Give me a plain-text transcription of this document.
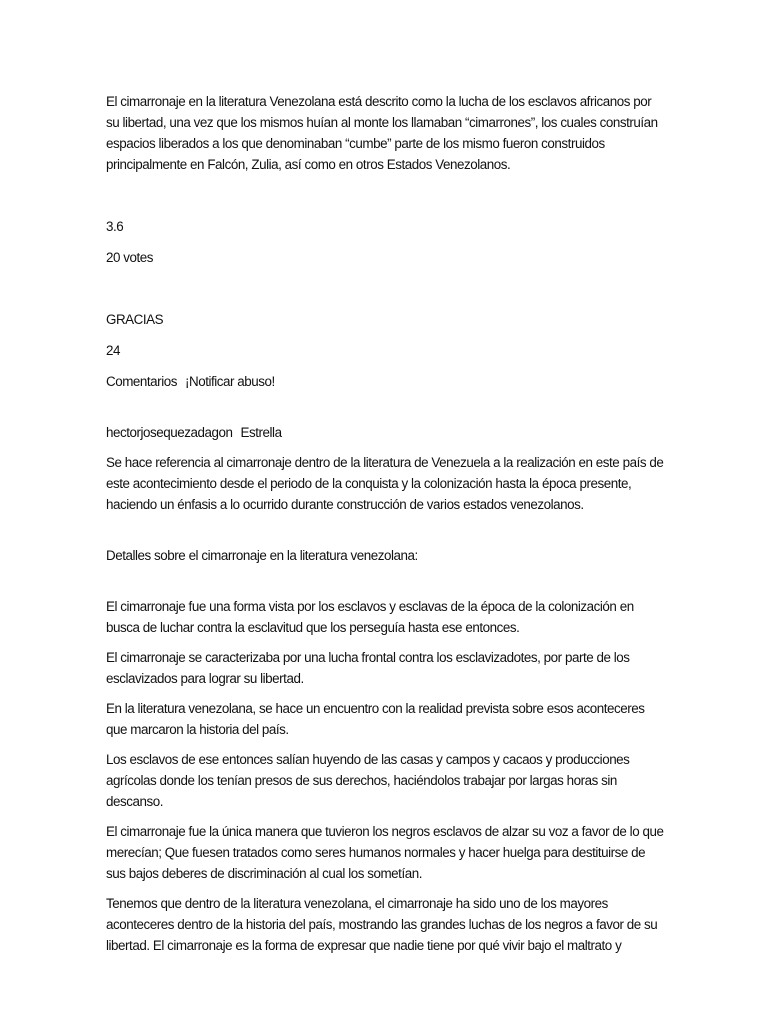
El cimarronaje en la literatura Venezolana está descrito como la lucha de los esclavos africanos por su libertad, una vez que los mismos huían al monte los llamaban “cimarrones”, los cuales construían espacios liberados a los que denominaban “cumbe” parte de los mismo fueron construidos principalmente en Falcón, Zulia, así como en otros Estados Venezolanos.

3.6

20 votes

GRACIAS

24

Comentarios ¡Notificar abuso!

hectorjosequezadagon Estrella

Se hace referencia al cimarronaje dentro de la literatura de Venezuela a la realización en este país de este acontecimiento desde el periodo de la conquista y la colonización hasta la época presente, haciendo un énfasis a lo ocurrido durante construcción de varios estados venezolanos.

Detalles sobre el cimarronaje en la literatura venezolana:

El cimarronaje fue una forma vista por los esclavos y esclavas de la época de la colonización en busca de luchar contra la esclavitud que los perseguía hasta ese entonces.

El cimarronaje se caracterizaba por una lucha frontal contra los esclavizadotes, por parte de los esclavizados para lograr su libertad.

En la literatura venezolana, se hace un encuentro con la realidad prevista sobre esos aconteceres que marcaron la historia del país.

Los esclavos de ese entonces salían huyendo de las casas y campos y cacaos y producciones agrícolas donde los tenían presos de sus derechos, haciéndolos trabajar por largas horas sin descanso.

El cimarronaje fue la única manera que tuvieron los negros esclavos de alzar su voz a favor de lo que merecían; Que fuesen tratados como seres humanos normales y hacer huelga para destituirse de sus bajos deberes de discriminación al cual los sometían.

Tenemos que dentro de la literatura venezolana, el cimarronaje ha sido uno de los mayores aconteceres dentro de la historia del país, mostrando las grandes luchas de los negros a favor de su libertad. El cimarronaje es la forma de expresar que nadie tiene por qué vivir bajo el maltrato y
